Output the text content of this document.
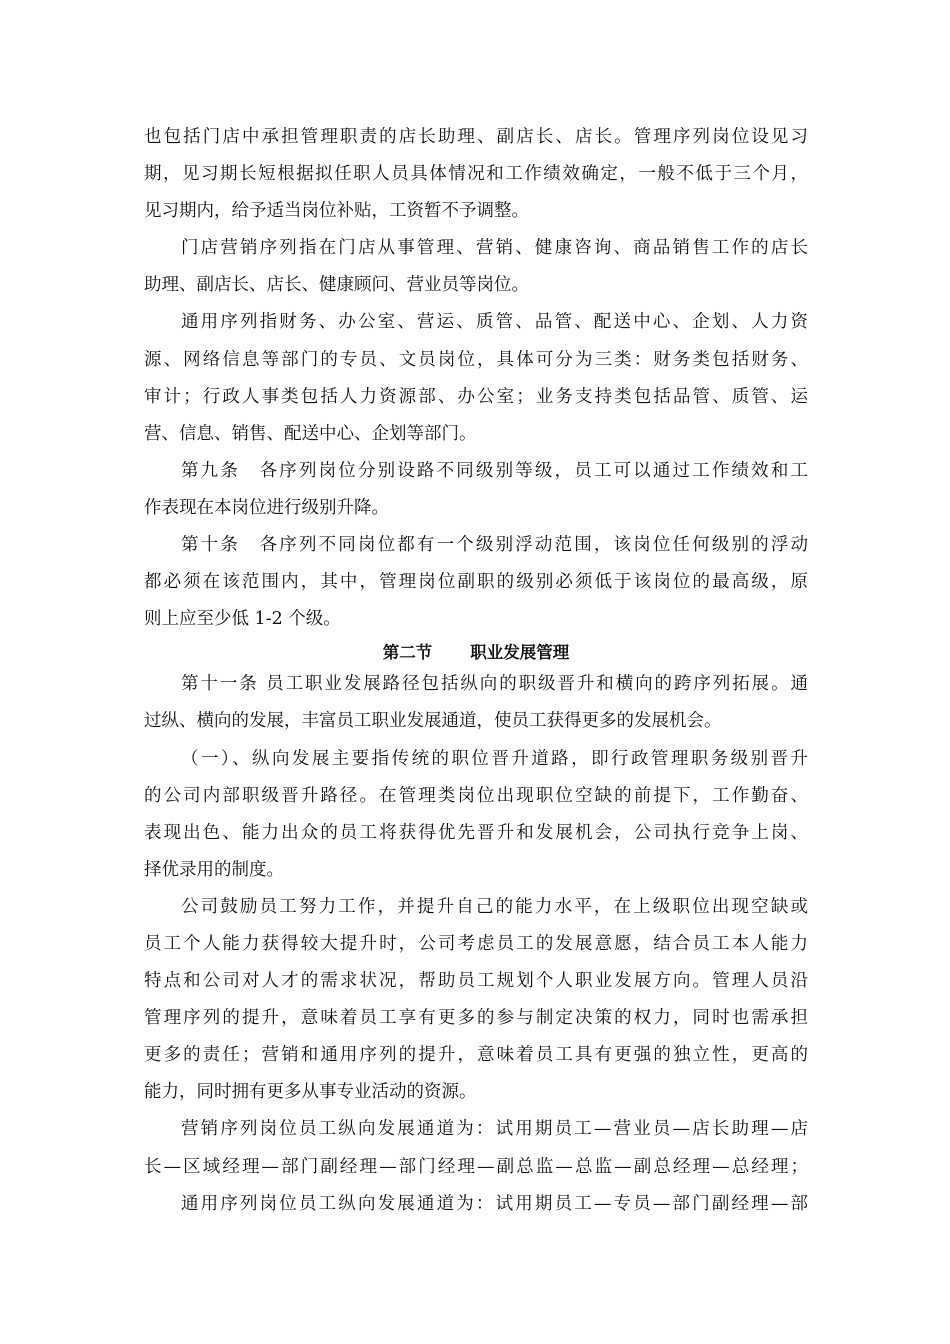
也包括门店中承担管理职责的店长助理、副店长、店长。管理序列岗位设见习
期，见习期长短根据拟任职人员具体情况和工作绩效确定，一般不低于三个月，
见习期内，给予适当岗位补贴，工资暂不予调整。
门店营销序列指在门店从事管理、营销、健康咨询、商品销售工作的店长
助理、副店长、店长、健康顾问、营业员等岗位。
通用序列指财务、办公室、营运、质管、品管、配送中心、企划、人力资
源、网络信息等部门的专员、文员岗位，具体可分为三类：财务类包括财务、
审计；行政人事类包括人力资源部、办公室；业务支持类包括品管、质管、运
营、信息、销售、配送中心、企划等部门。
第九条　各序列岗位分别设路不同级别等级，员工可以通过工作绩效和工
作表现在本岗位进行级别升降。
第十条　各序列不同岗位都有一个级别浮动范围，该岗位任何级别的浮动
都必须在该范围内，其中，管理岗位副职的级别必须低于该岗位的最高级，原
则上应至少低 1-2 个级。
第二节 职业发展管理
第十一条 员工职业发展路径包括纵向的职级晋升和横向的跨序列拓展。通
过纵、横向的发展，丰富员工职业发展通道，使员工获得更多的发展机会。
（一）、纵向发展主要指传统的职位晋升道路，即行政管理职务级别晋升
的公司内部职级晋升路径。在管理类岗位出现职位空缺的前提下，工作勤奋、
表现出色、能力出众的员工将获得优先晋升和发展机会，公司执行竞争上岗、
择优录用的制度。
公司鼓励员工努力工作，并提升自己的能力水平，在上级职位出现空缺或
员工个人能力获得较大提升时，公司考虑员工的发展意愿，结合员工本人能力
特点和公司对人才的需求状况，帮助员工规划个人职业发展方向。管理人员沿
管理序列的提升，意味着员工享有更多的参与制定决策的权力，同时也需承担
更多的责任；营销和通用序列的提升，意味着员工具有更强的独立性，更高的
能力，同时拥有更多从事专业活动的资源。
营销序列岗位员工纵向发展通道为：试用期员工—营业员—店长助理—店
长—区域经理—部门副经理—部门经理—副总监—总监—副总经理—总经理；
通用序列岗位员工纵向发展通道为：试用期员工—专员—部门副经理—部
